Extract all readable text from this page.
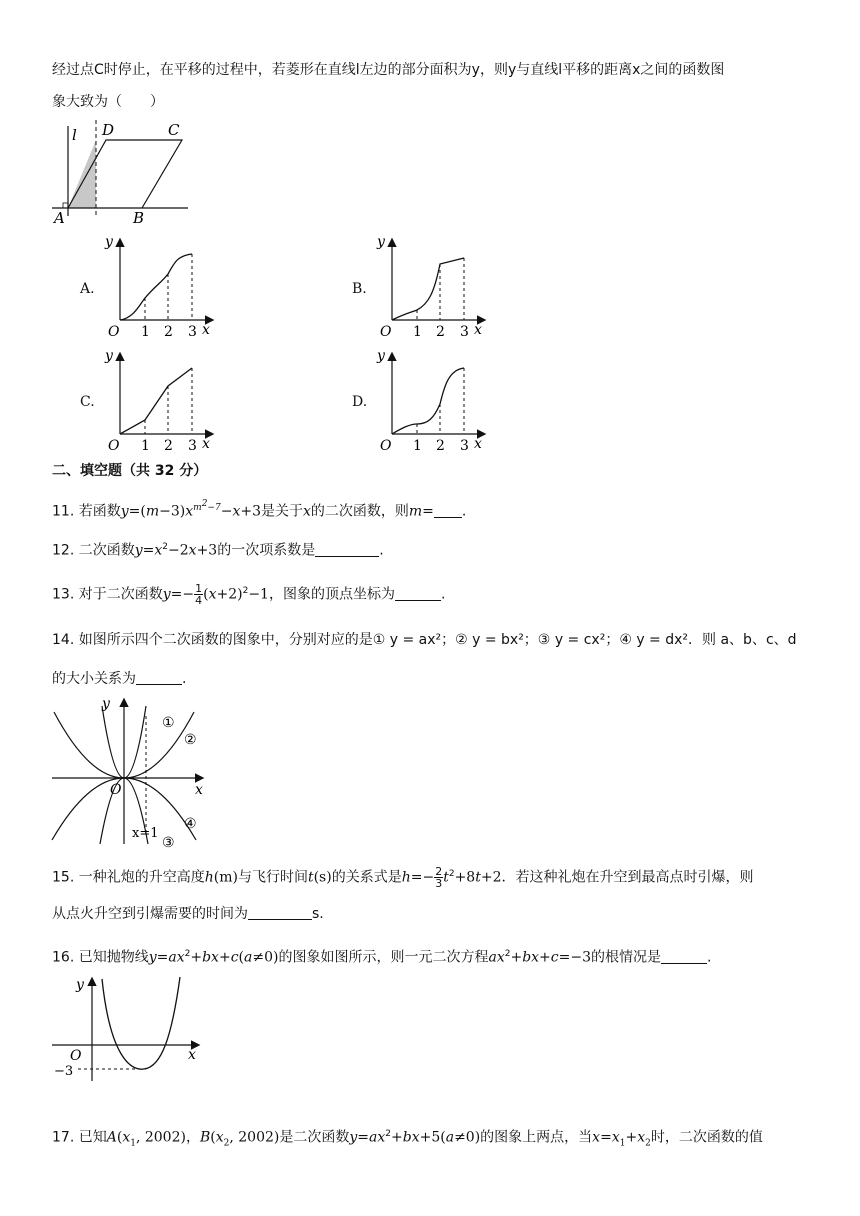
经过点C时停止，在平移的过程中，若菱形在直线l左边的部分面积为y，则y与直线l平移的距离x之间的函数图
象大致为（　　）
l D	C
A	B
A.	B.
C.	D.
y
x
O 1 2 3
y
x
O 1 2 3
y
x
O 1 2 3
y
x
O 1 2 3
二、填空题（共 32 分）
11. 若函数$y=(m-3)x^{m^2-7}-x+3$是关于x的二次函数，则m= .
12. 二次函数$y=x^2-2x+3$的一次项系数是	.
13. 对于二次函数$y=- \frac{1}{4} (x+2)^2-1$，图象的顶点坐标为	.
14. 如图所示四个二次函数的图象中，分别对应的是① y = ax²；② y = bx²；③ y = cx²；④ y = dx²．则 a、b、c、d
的大小关系为	.
y
x
O
x=1
①
②
③
④
15. 一种礼炮的升空高度h(m)与飞行时间t(s)的关系式是$h=- \frac{2}{3} t^2+8t+2$．若这种礼炮在升空到最高点时引爆，则
从点火升空到引爆需要的时间为	s.
16. 已知抛物线$y=ax^2+bx+c(a\ne 0)$的图象如图所示，则一元二次方程$ax^2+bx+c=-3$的根情况是	.
y
x
O
−3
17. 已知$A(x_1$, 2002)，$B(x_2$, 2002)是二次函数$y=ax^2+bx+5(a\ne 0)$的图象上两点，当$x=x_1+x_2$时，二次函数的值
